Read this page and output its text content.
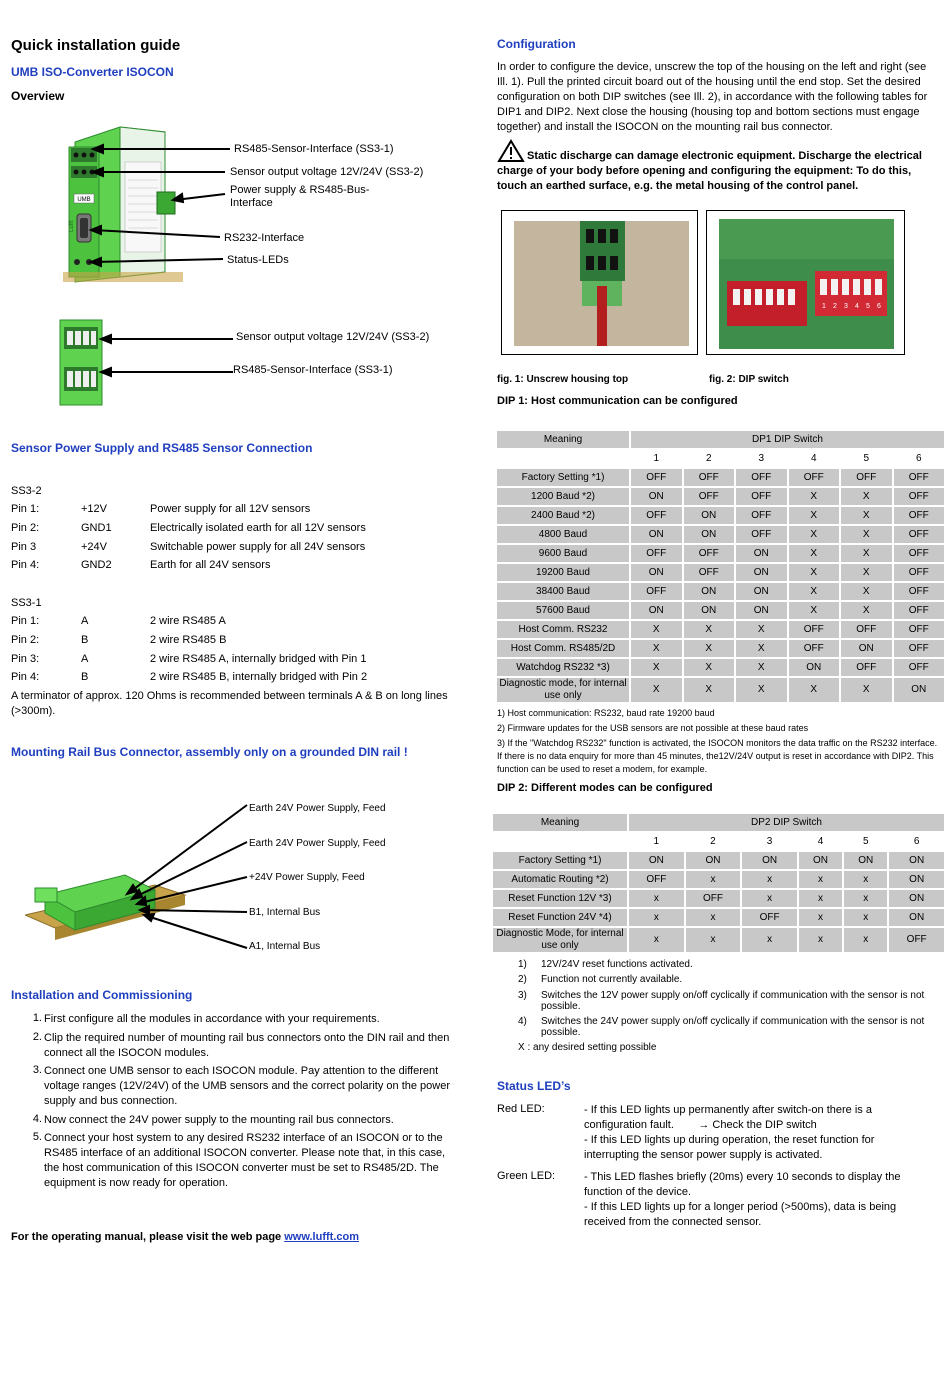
Quick installation guide
UMB ISO-Converter ISOCON
Overview
UMB
Lufft
RS485-Sensor-Interface (SS3-1)
Sensor output voltage 12V/24V (SS3-2)
Power supply & RS485-Bus-
Interface
RS232-Interface
Status-LEDs
Sensor output voltage 12V/24V (SS3-2)
RS485-Sensor-Interface (SS3-1)
Sensor Power Supply and RS485 Sensor Connection
SS3-2
Pin 1:	+12V	Power supply for all 12V sensors
Pin 2:	GND1	Electrically isolated earth for all 12V sensors
Pin 3	+24V	Switchable power supply for all 24V sensors
Pin 4:	GND2	Earth for all 24V sensors
SS3-1
Pin 1:	A	2 wire RS485 A
Pin 2:	B	2 wire RS485 B
Pin 3:	A	2 wire RS485 A, internally bridged with Pin 1
Pin 4:	B	2 wire RS485 B, internally bridged with Pin 2
A terminator of approx. 120 Ohms is recommended between terminals A & B on long lines (>300m).
Mounting Rail Bus Connector, assembly only on a grounded DIN rail !
Earth 24V Power Supply, Feed
Earth 24V Power Supply, Feed
+24V Power Supply, Feed
B1, Internal Bus
A1, Internal Bus
Installation and Commissioning
1. First configure all the modules in accordance with your requirements.
2. Clip the required number of mounting rail bus connectors onto the DIN rail and then connect all the ISOCON modules.
3. Connect one UMB sensor to each ISOCON module. Pay attention to the different voltage ranges (12V/24V) of the UMB sensors and the correct polarity on the power supply and bus connection.
4. Now connect the 24V power supply to the mounting rail bus connectors.
5. Connect your host system to any desired RS232 interface of an ISOCON or to the RS485 interface of an additional ISOCON converter. Please note that, in this case, the host communication of this ISOCON converter must be set to RS485/2D. The equipment is now ready for operation.
For the operating manual, please visit the web page www.lufft.com
Configuration
In order to configure the device, unscrew the top of the housing on the left and right (see Ill. 1). Pull the printed circuit board out of the housing until the end stop. Set the desired configuration on both DIP switches (see Ill. 2), in accordance with the following tables for DIP1 and DIP2. Next close the housing (housing top and bottom sections must engage together) and install the ISOCON on the mounting rail bus connector.
Static discharge can damage electronic equipment. Discharge the electrical charge of your body before opening and configuring the equipment: To do this, touch an earthed surface, e.g. the metal housing of the control panel.
1 2 3 4 5 6
fig. 1: Unscrew housing top	fig. 2: DIP switch
DIP 1: Host communication can be configured
Meaning	DP1 DIP Switch					
	1	2	3	4	5	6
Factory Setting *1)	OFF	OFF	OFF	OFF	OFF	OFF
1200 Baud *2)	ON	OFF	OFF	X	X	OFF
2400 Baud *2)	OFF	ON	OFF	X	X	OFF
4800 Baud	ON	ON	OFF	X	X	OFF
9600 Baud	OFF	OFF	ON	X	X	OFF
19200 Baud	ON	OFF	ON	X	X	OFF
38400 Baud	OFF	ON	ON	X	X	OFF
57600 Baud	ON	ON	ON	X	X	OFF
Host Comm. RS232	X	X	X	OFF	OFF	OFF
Host Comm. RS485/2D	X	X	X	OFF	ON	OFF
Watchdog RS232 *3)	X	X	X	ON	OFF	OFF
Diagnostic mode, for internal use only	X	X	X	X	X	ON
1) Host communication: RS232, baud rate 19200 baud
2) Firmware updates for the USB sensors are not possible at these baud rates
3) If the "Watchdog RS232" function is activated, the ISOCON monitors the data traffic on the RS232 interface. If there is no data enquiry for more than 45 minutes, the12V/24V output is reset in accordance with DIP2. This function can be used to reset a modem, for example.
DIP 2: Different modes can be configured
Meaning	DP2 DIP Switch					
	1	2	3	4	5	6
Factory Setting *1)	ON	ON	ON	ON	ON	ON
Automatic Routing *2)	OFF	x	x	x	x	ON
Reset Function 12V *3)	x	OFF	x	x	x	ON
Reset Function 24V *4)	x	x	OFF	x	x	ON
Diagnostic Mode, for internal use only	x	x	x	x	x	OFF
1) 12V/24V reset functions activated.
2) Function not currently available.
3) Switches the 12V power supply on/off cyclically if communication with the sensor is not possible.
4) Switches the 24V power supply on/off cyclically if communication with the sensor is not possible.
X : any desired setting possible
Status LED’s
Red LED:	- If this LED lights up permanently after switch-on there is a configuration fault. → Check the DIP switch
- If this LED lights up during operation, the reset function for interrupting the sensor power supply is activated.
Green LED:	- This LED flashes briefly (20ms) every 10 seconds to display the function of the device.
- If this LED lights up for a longer period (>500ms), data is being received from the connected sensor.
